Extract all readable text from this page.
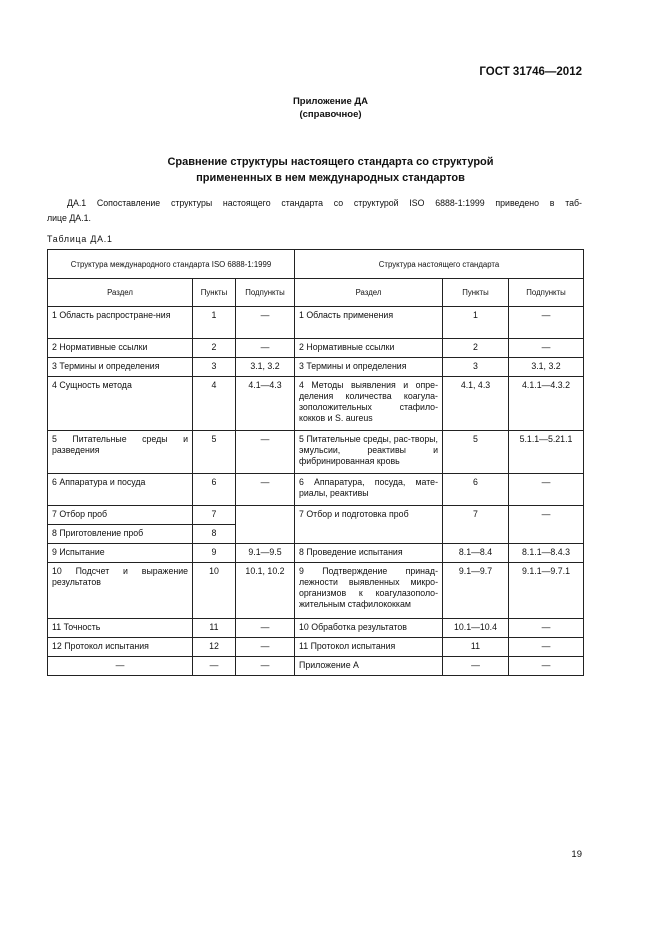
ГОСТ 31746—2012
Приложение ДА
(справочное)
Сравнение структуры настоящего стандарта со структурой
примененных в нем международных стандартов
ДА.1 Сопоставление структуры настоящего стандарта со структурой ISO 6888-1:1999 приведено в таб-
лице ДА.1.
Таблица ДА.1
Структура международного стандарта ISO 6888-1:1999			Структура настоящего стандарта		
Раздел	Пункты	Подпункты	Раздел	Пункты	Подпункты
1 Область распростране-ния	1	—	1 Область применения	1	—
2 Нормативные ссылки	2	—	2 Нормативные ссылки	2	—
3 Термины и определения	3	3.1, 3.2	3 Термины и определения	3	3.1, 3.2
4 Сущность метода	4	4.1—4.3	4 Методы выявления и опре-деления количества коагула-зоположительных стафило-кокков и S. aureus	4.1, 4.3	4.1.1—4.3.2
5 Питательные среды и разведения	5	—	5 Питательные среды, рас-творы, эмульсии, реактивы и фибринированная кровь	5	5.1.1—5.21.1
6 Аппаратура и посуда	6	—	6 Аппаратура, посуда, мате-риалы, реактивы	6	—
7 Отбор проб	7		7 Отбор и подготовка проб	7	—
8 Приготовление проб	8				
9 Испытание	9	9.1—9.5	8 Проведение испытания	8.1—8.4	8.1.1—8.4.3
10 Подсчет и выражение результатов	10	10.1, 10.2	9 Подтверждение принад-лежности выявленных микро-организмов к коагулазополо-жительным стафилококкам	9.1—9.7	9.1.1—9.7.1
11 Точность	11	—	10 Обработка результатов	10.1—10.4	—
12 Протокол испытания	12	—	11 Протокол испытания	11	—
—	—	—	Приложение А	—	—
19
